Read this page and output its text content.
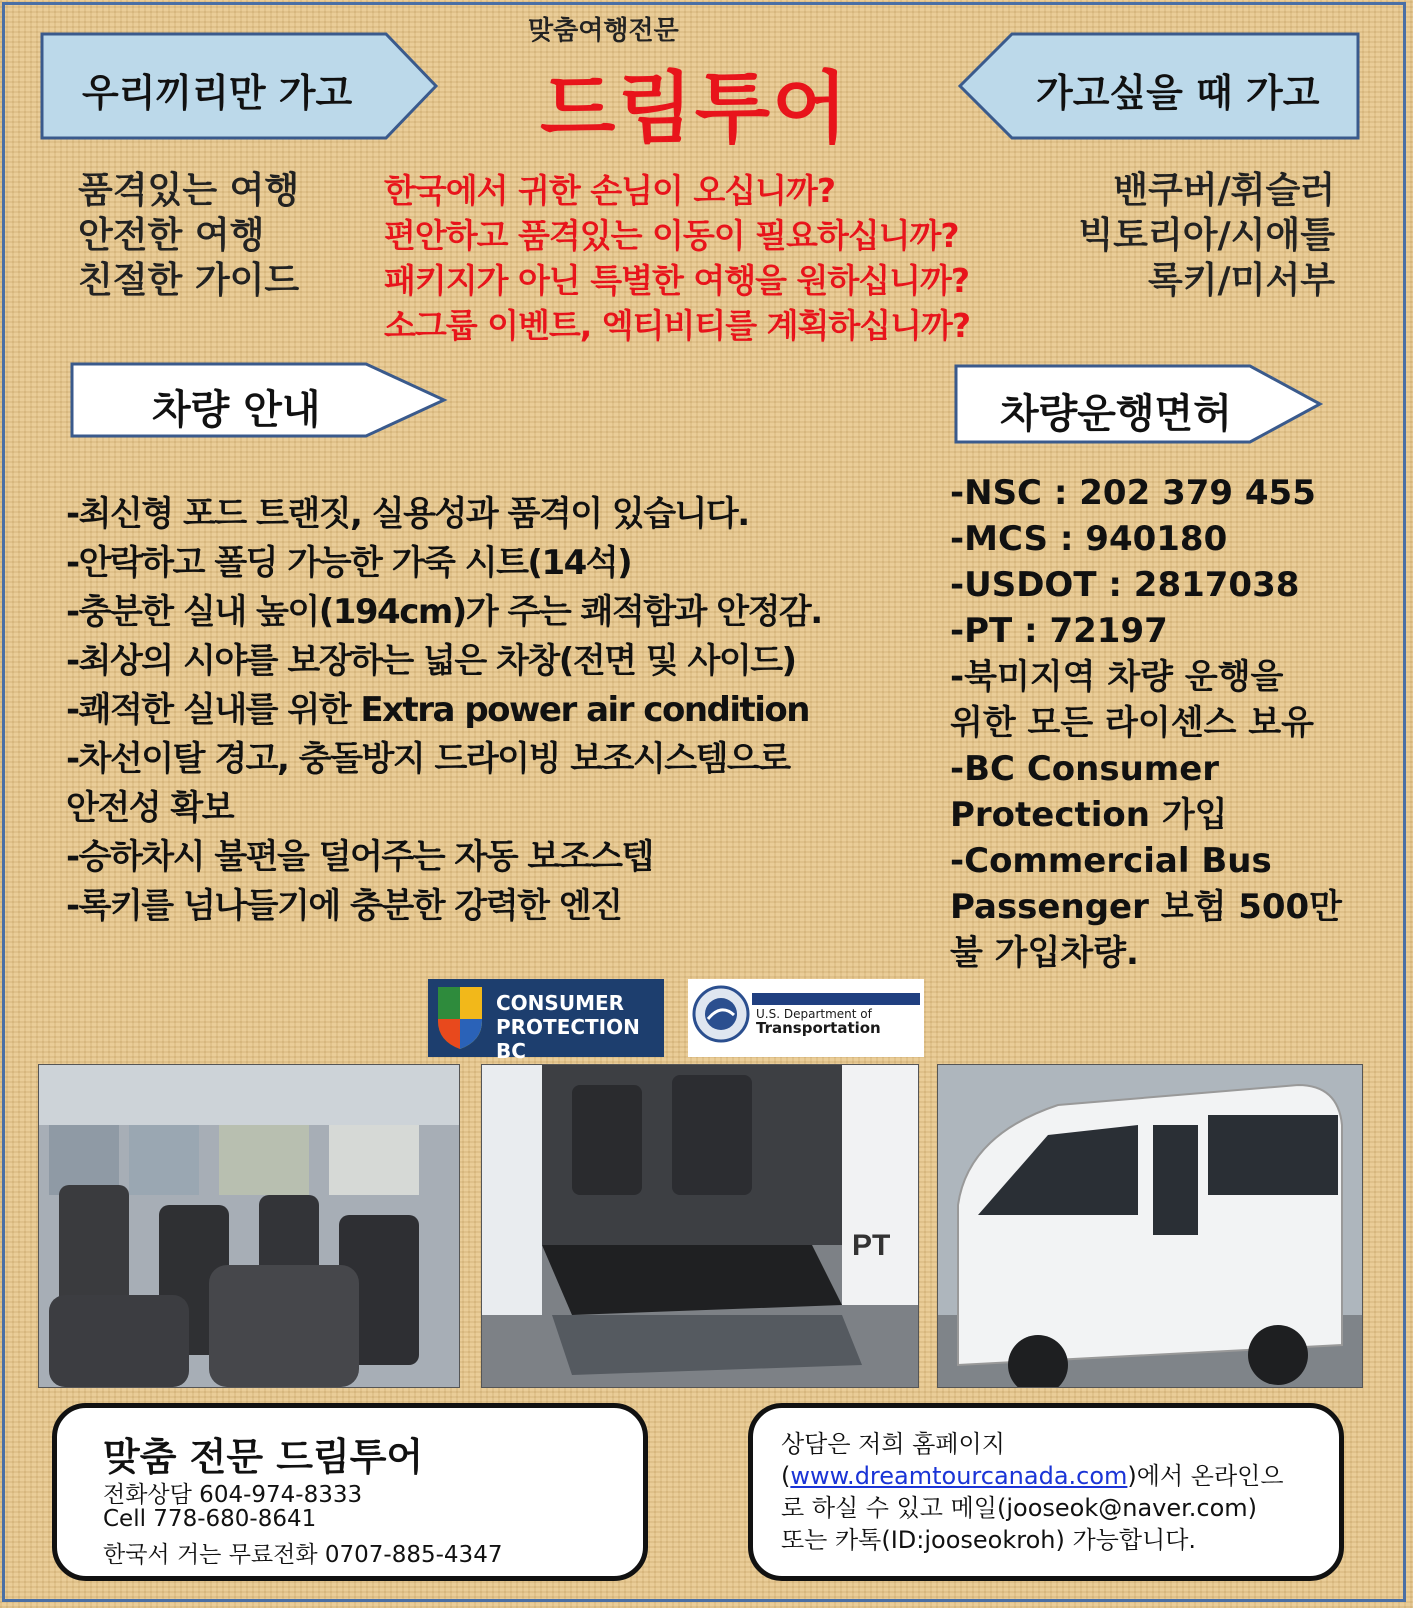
우리끼리만 가고	가고싶을 때 가고
맞춤여행전문
드림투어
품격있는 여행
안전한 여행
친절한 가이드
한국에서 귀한 손님이 오십니까?
편안하고 품격있는 이동이 필요하십니까?
패키지가 아닌 특별한 여행을 원하십니까?
소그룹 이벤트, 엑티비티를 계획하십니까?
밴쿠버/휘슬러
빅토리아/시애틀
록키/미서부
차량 안내	차량운행면허
-최신형 포드 트랜짓, 실용성과 품격이 있습니다.
-안락하고 폴딩 가능한 가죽 시트(14석)
-충분한 실내 높이(194cm)가 주는 쾌적함과 안정감.
-최상의 시야를 보장하는 넓은 차창(전면 및 사이드)
-쾌적한 실내를 위한 Extra power air condition
-차선이탈 경고, 충돌방지 드라이빙 보조시스템으로
안전성 확보
-승하차시 불편을 덜어주는 자동 보조스텝
-록키를 넘나들기에 충분한 강력한 엔진
-NSC : 202 379 455
-MCS : 940180
-USDOT : 2817038
-PT : 72197
-북미지역 차량 운행을
위한 모든 라이센스 보유
-BC Consumer
Protection 가입
-Commercial Bus
Passenger 보험 500만
불 가입차량.
CONSUMER
PROTECTION BC
U.S. Department of
Transportation
PT
맞춤 전문 드림투어
전화상담 604-974-8333
Cell 778-680-8641
한국서 거는 무료전화 0707-885-4347
상담은 저희 홈페이지
(www.dreamtourcanada.com)에서 온라인으
로 하실 수 있고 메일(jooseok@naver.com)
또는 카톡(ID:jooseokroh) 가능합니다.
